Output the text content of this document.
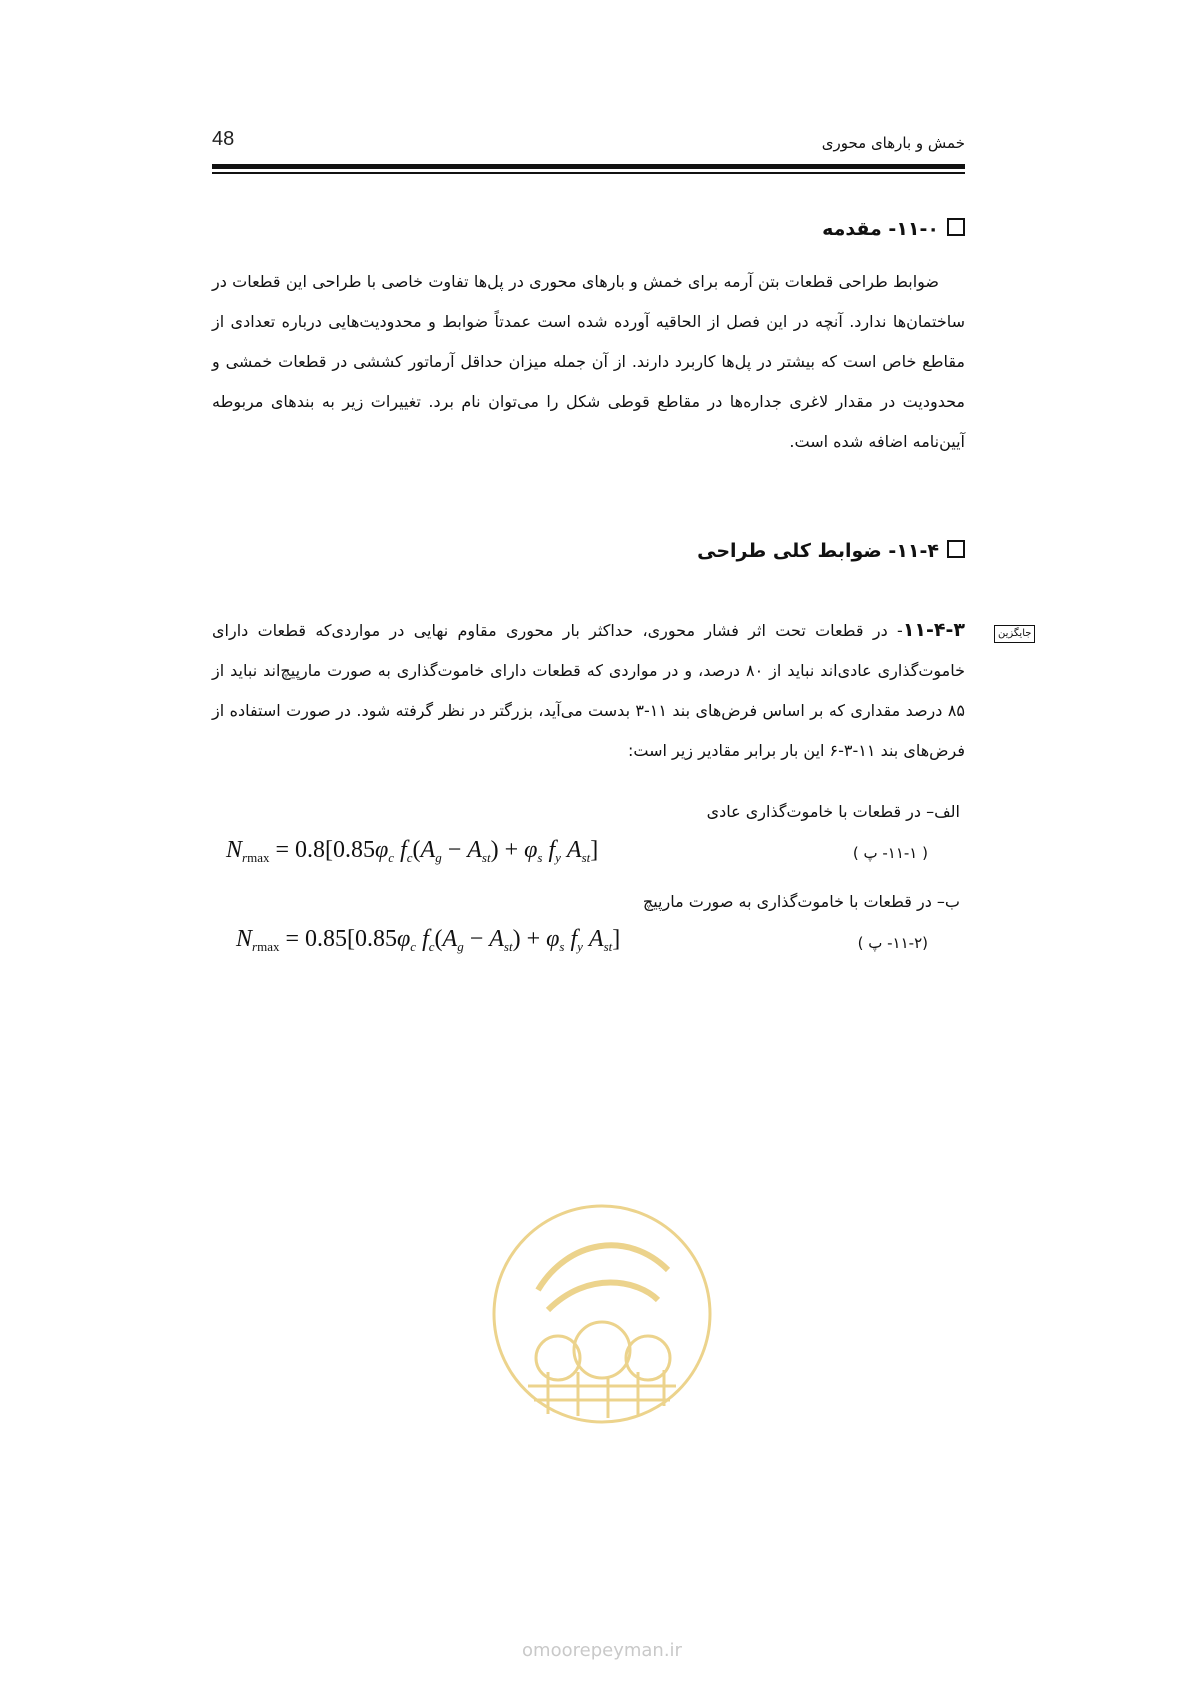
48	خمش و بارهای محوری
۱۱-۰- مقدمه

ضوابط طراحی قطعات بتن آرمه برای خمش و بارهای محوری در پل‌ها تفاوت خاصی با طراحی این قطعات در ساختمان‌ها ندارد. آنچه در این فصل از الحاقیه آورده شده است عمدتاً ضوابط و محدودیت‌هایی درباره تعدادی از مقاطع خاص است که بیشتر در پل‌ها کاربرد دارند. از آن جمله میزان حداقل آرماتور کششی در قطعات خمشی و محدودیت در مقدار لاغری جداره‌ها در مقاطع قوطی شکل را می‌توان نام برد. تغییرات زیر به بندهای مربوطه آیین‌نامه اضافه شده است.

۱۱-۴- ضوابط کلی طراحی
جایگزین

۱۱-۴-۳- در قطعات تحت اثر فشار محوری، حداکثر بار محوری مقاوم نهایی در مواردی‌که قطعات دارای خاموت‌گذاری عادی‌اند نباید از ۸۰ درصد، و در مواردی که قطعات دارای خاموت‌گذاری به صورت مارپیچ‌اند نباید از ۸۵ درصد مقداری که بر اساس فرض‌های بند ۱۱-۳ بدست می‌آید، بزرگتر در نظر گرفته شود. در صورت استفاده از فرض‌های بند ۱۱-۳-۶ این بار برابر مقادیر زیر است:

الف– در قطعات با خاموت‌گذاری عادی
$N_{rmax} = 0.8[0.85\varphi_c$ $f_c(A_g - A_{st}) + \varphi_s$ $f_y$ $A_{st}$]	( ۱۱-۱- پ )
ب– در قطعات با خاموت‌گذاری به صورت مارپیچ
$N_{rmax} = 0.85[0.85\varphi_c$ $f_c(A_g - A_{st}) + \varphi_s$ $f_y$ $A_{st}$]	(۱۱-۲- پ )
omoorepeyman.ir
